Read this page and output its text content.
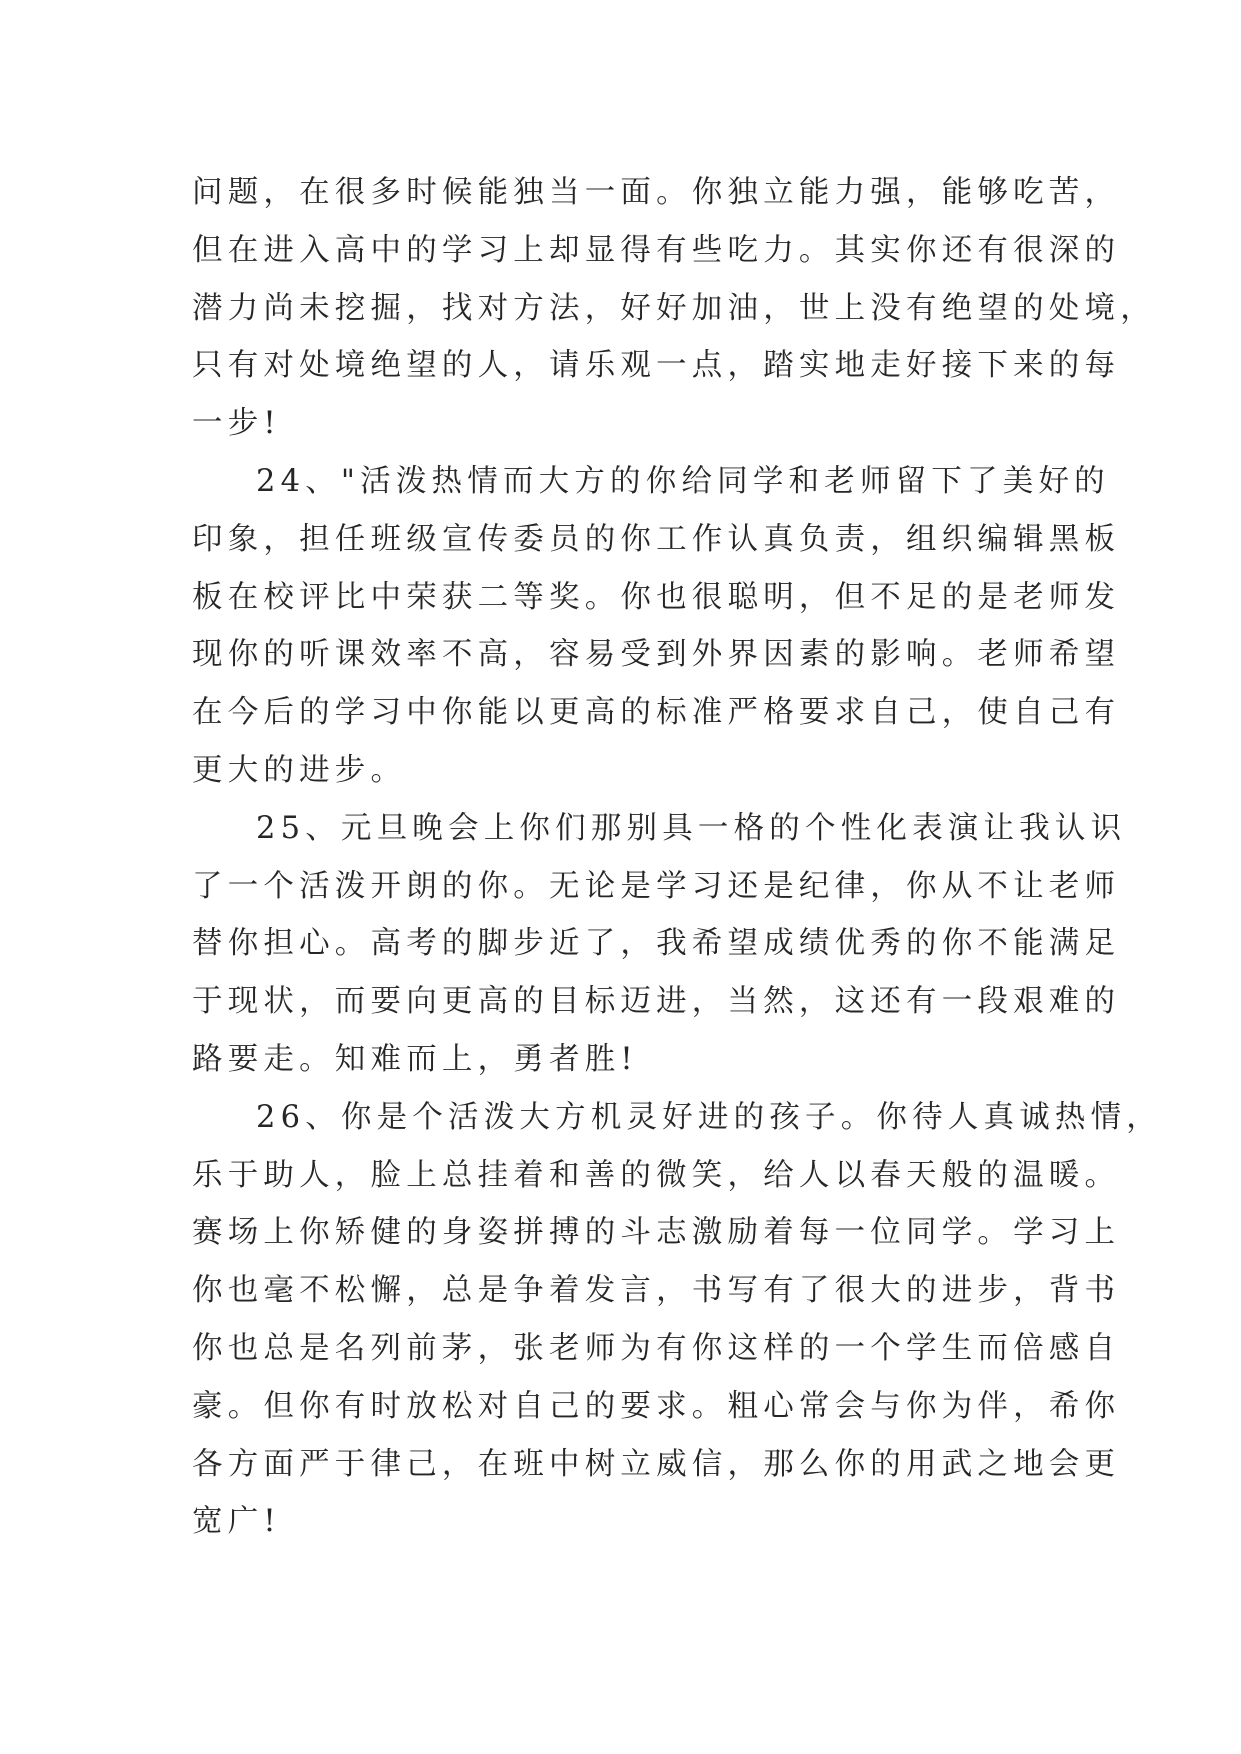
问题，在很多时候能独当一面。你独立能力强，能够吃苦，
但在进入高中的学习上却显得有些吃力。其实你还有很深的
潜力尚未挖掘，找对方法，好好加油，世上没有绝望的处境，
只有对处境绝望的人，请乐观一点，踏实地走好接下来的每
一步!
24、"活泼热情而大方的你给同学和老师留下了美好的
印象，担任班级宣传委员的你工作认真负责，组织编辑黑板
板在校评比中荣获二等奖。你也很聪明，但不足的是老师发
现你的听课效率不高，容易受到外界因素的影响。老师希望
在今后的学习中你能以更高的标准严格要求自己，使自己有
更大的进步。
25、元旦晚会上你们那别具一格的个性化表演让我认识
了一个活泼开朗的你。无论是学习还是纪律，你从不让老师
替你担心。高考的脚步近了，我希望成绩优秀的你不能满足
于现状，而要向更高的目标迈进，当然，这还有一段艰难的
路要走。知难而上，勇者胜!
26、你是个活泼大方机灵好进的孩子。你待人真诚热情，
乐于助人，脸上总挂着和善的微笑，给人以春天般的温暖。
赛场上你矫健的身姿拼搏的斗志激励着每一位同学。学习上
你也毫不松懈，总是争着发言，书写有了很大的进步，背书
你也总是名列前茅，张老师为有你这样的一个学生而倍感自
豪。但你有时放松对自己的要求。粗心常会与你为伴，希你
各方面严于律己，在班中树立威信，那么你的用武之地会更
宽广!
